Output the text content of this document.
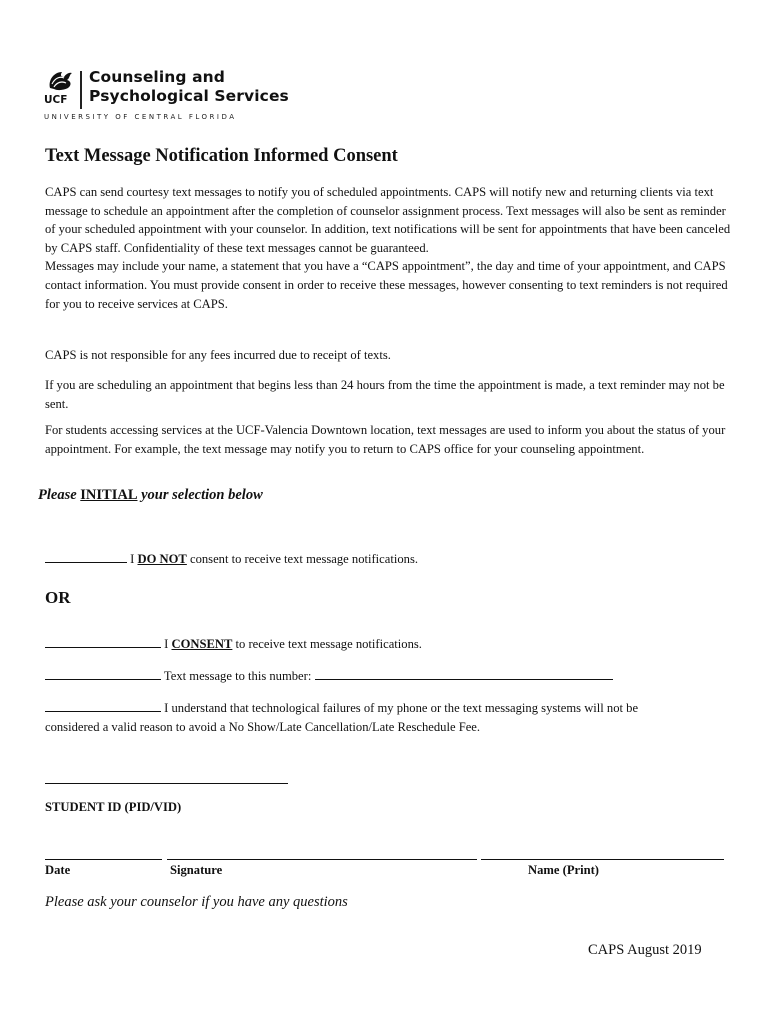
UCF
Counseling and
Psychological Services
UNIVERSITY OF CENTRAL FLORIDA
Text Message Notification Informed Consent
CAPS can send courtesy text messages to notify you of scheduled appointments. CAPS will notify new and returning clients via text message to schedule an appointment after the completion of counselor assignment process. Text messages will also be sent as reminder of your scheduled appointment with your counselor. In addition, text notifications will be sent for appointments that have been canceled by CAPS staff. Confidentiality of these text messages cannot be guaranteed.
Messages may include your name, a statement that you have a “CAPS appointment”, the day and time of your appointment, and CAPS contact information. You must provide consent in order to receive these messages, however consenting to text reminders is not required for you to receive services at CAPS.
CAPS is not responsible for any fees incurred due to receipt of texts.
If you are scheduling an appointment that begins less than 24 hours from the time the appointment is made, a text reminder may not be sent.
For students accessing services at the UCF-Valencia Downtown location, text messages are used to inform you about the status of your appointment. For example, the text message may notify you to return to CAPS office for your counseling appointment.
Please INITIAL your selection below
I DO NOT consent to receive text message notifications.
OR
I CONSENT to receive text message notifications.
Text message to this number:
I understand that technological failures of my phone or the text messaging systems will not be
considered a valid reason to avoid a No Show/Late Cancellation/Late Reschedule Fee.
STUDENT ID (PID/VID)
Date	Signature	Name (Print)
Please ask your counselor if you have any questions
CAPS August 2019
